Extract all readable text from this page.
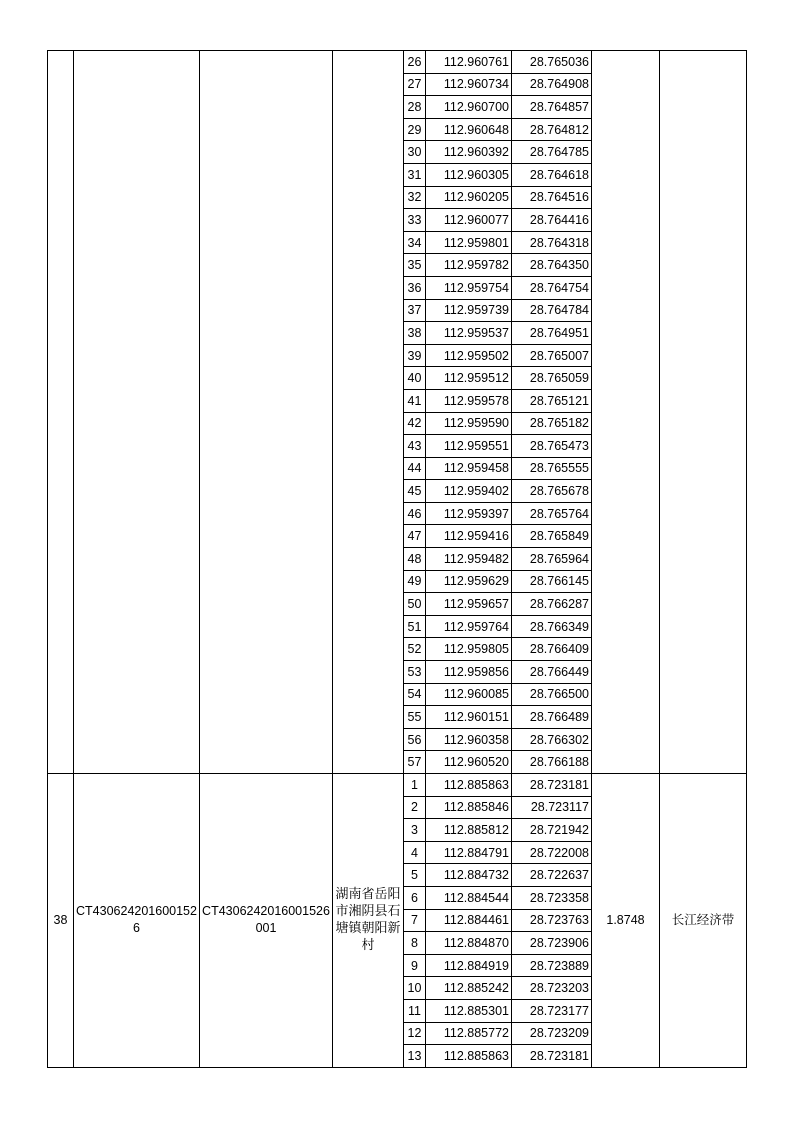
				26	112.960761	28.765036		
				27	112.960734	28.764908		
				28	112.960700	28.764857		
				29	112.960648	28.764812		
				30	112.960392	28.764785		
				31	112.960305	28.764618		
				32	112.960205	28.764516		
				33	112.960077	28.764416		
				34	112.959801	28.764318		
				35	112.959782	28.764350		
				36	112.959754	28.764754		
				37	112.959739	28.764784		
				38	112.959537	28.764951		
				39	112.959502	28.765007		
				40	112.959512	28.765059		
				41	112.959578	28.765121		
				42	112.959590	28.765182		
				43	112.959551	28.765473		
				44	112.959458	28.765555		
				45	112.959402	28.765678		
				46	112.959397	28.765764		
				47	112.959416	28.765849		
				48	112.959482	28.765964		
				49	112.959629	28.766145		
				50	112.959657	28.766287		
				51	112.959764	28.766349		
				52	112.959805	28.766409		
				53	112.959856	28.766449		
				54	112.960085	28.766500		
				55	112.960151	28.766489		
				56	112.960358	28.766302		
				57	112.960520	28.766188		
38	CT4306242016001526	CT4306242016001526001	湖南省岳阳市湘阴县石塘镇朝阳新村	1	112.885863	28.723181	1.8748	长江经济带
				2	112.885846	28.723117		
				3	112.885812	28.721942		
				4	112.884791	28.722008		
				5	112.884732	28.722637		
				6	112.884544	28.723358		
				7	112.884461	28.723763		
				8	112.884870	28.723906		
				9	112.884919	28.723889		
				10	112.885242	28.723203		
				11	112.885301	28.723177		
				12	112.885772	28.723209		
				13	112.885863	28.723181		
